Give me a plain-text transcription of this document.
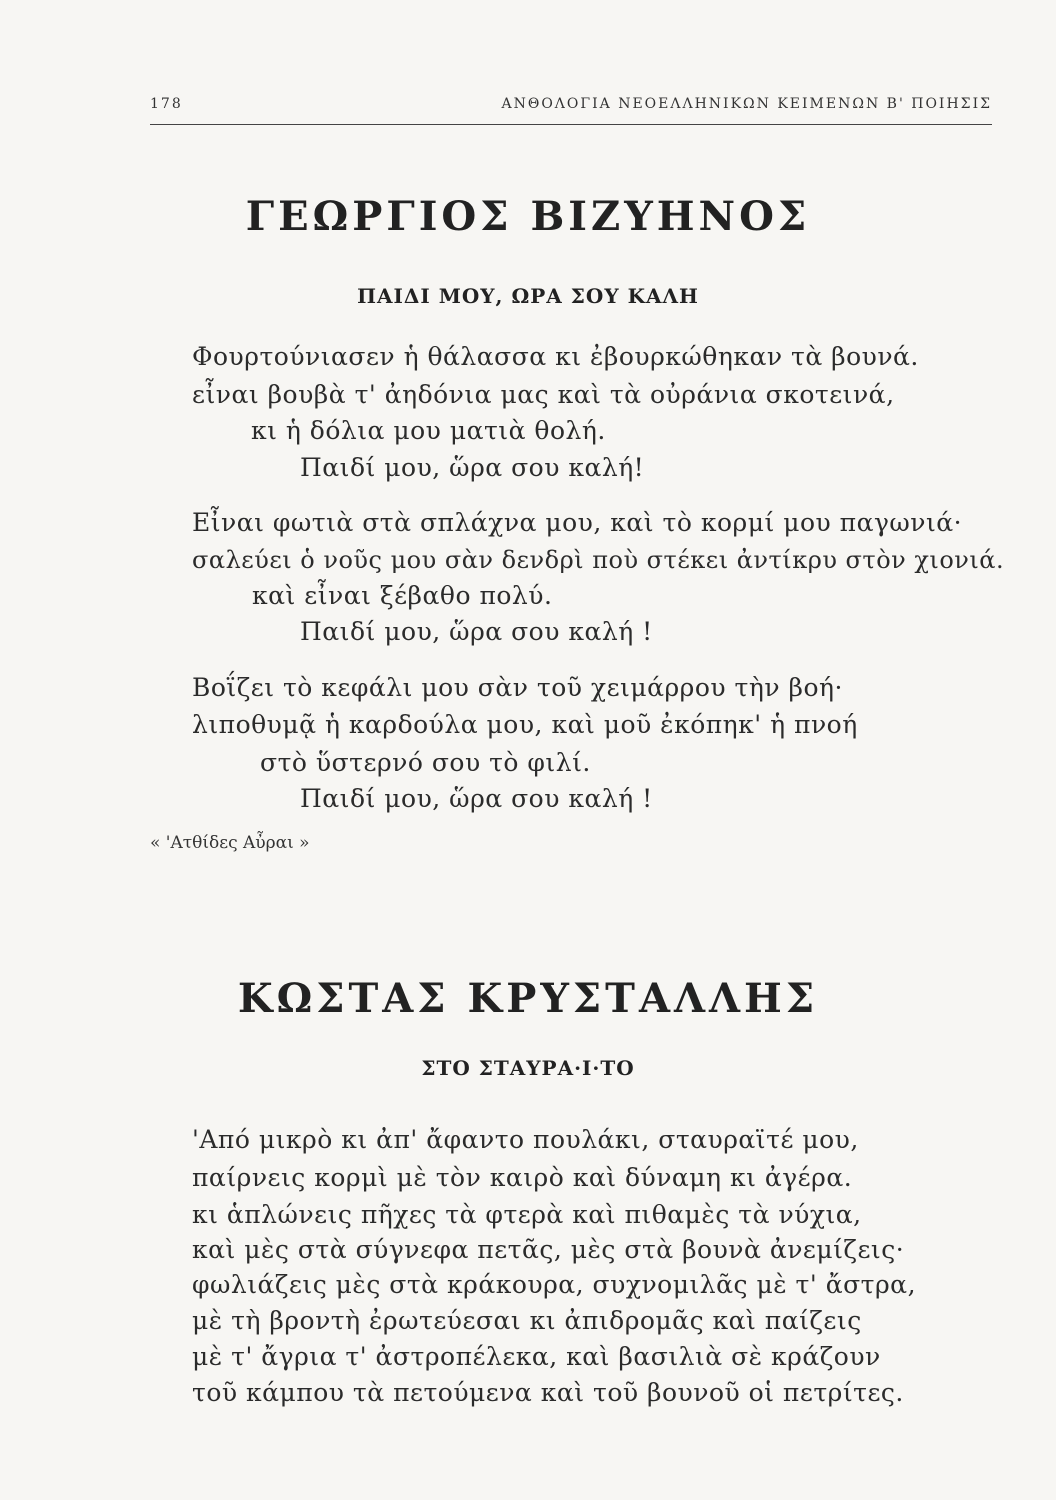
178	ΑΝΘΟΛΟΓΙΑ ΝΕΟΕΛΛΗΝΙΚΩΝ ΚΕΙΜΕΝΩΝ Β' ΠΟΙΗΣΙΣ
ΓΕΩΡΓΙΟΣ ΒΙΖΥΗΝΟΣ
ΠΑΙΔΙ ΜΟΥ, ΩΡΑ ΣΟΥ ΚΑΛΗ
Φουρτούνιασεν ἡ θάλασσα κι ἐβουρκώθηκαν τὰ βουνά.
εἶναι βουβὰ τ' ἀηδόνια μας καὶ τὰ οὐράνια σκοτεινά,
κι ἡ δόλια μου ματιὰ θολή.
Παιδί μου, ὥρα σου καλή!
Εἶναι φωτιὰ στὰ σπλάχνα μου, καὶ τὸ κορμί μου παγωνιά·
σαλεύει ὁ νοῦς μου σὰν δενδρὶ ποὺ στέκει ἀντίκρυ στὸν χιονιά.
καὶ εἶναι ξέβαθο πολύ.
Παιδί μου, ὥρα σου καλή !
Βοΐζει τὸ κεφάλι μου σὰν τοῦ χειμάρρου τὴν βοή·
λιποθυμᾷ ἡ καρδούλα μου, καὶ μοῦ ἐκόπηκ' ἡ πνοή
στὸ ὕστερνό σου τὸ φιλί.
Παιδί μου, ὥρα σου καλή !
« 'Ατθίδες Αὖραι »
ΚΩΣΤΑΣ ΚΡΥΣΤΑΛΛΗΣ
ΣΤΟ ΣΤΑΥΡΑ·Ι·ΤΟ
'Από μικρὸ κι ἀπ' ἄφαντο πουλάκι, σταυραϊτέ μου,
παίρνεις κορμὶ μὲ τὸν καιρὸ καὶ δύναμη κι ἀγέρα.
κι ἁπλώνεις πῆχες τὰ φτερὰ καὶ πιθαμὲς τὰ νύχια,
καὶ μὲς στὰ σύγνεφα πετᾶς, μὲς στὰ βουνὰ ἀνεμίζεις·
φωλιάζεις μὲς στὰ κράκουρα, συχνομιλᾶς μὲ τ' ἄστρα,
μὲ τὴ βροντὴ ἐρωτεύεσαι κι ἀπιδρομᾶς καὶ παίζεις
μὲ τ' ἄγρια τ' ἀστροπέλεκα, καὶ βασιλιὰ σὲ κράζουν
τοῦ κάμπου τὰ πετούμενα καὶ τοῦ βουνοῦ οἱ πετρίτες.
